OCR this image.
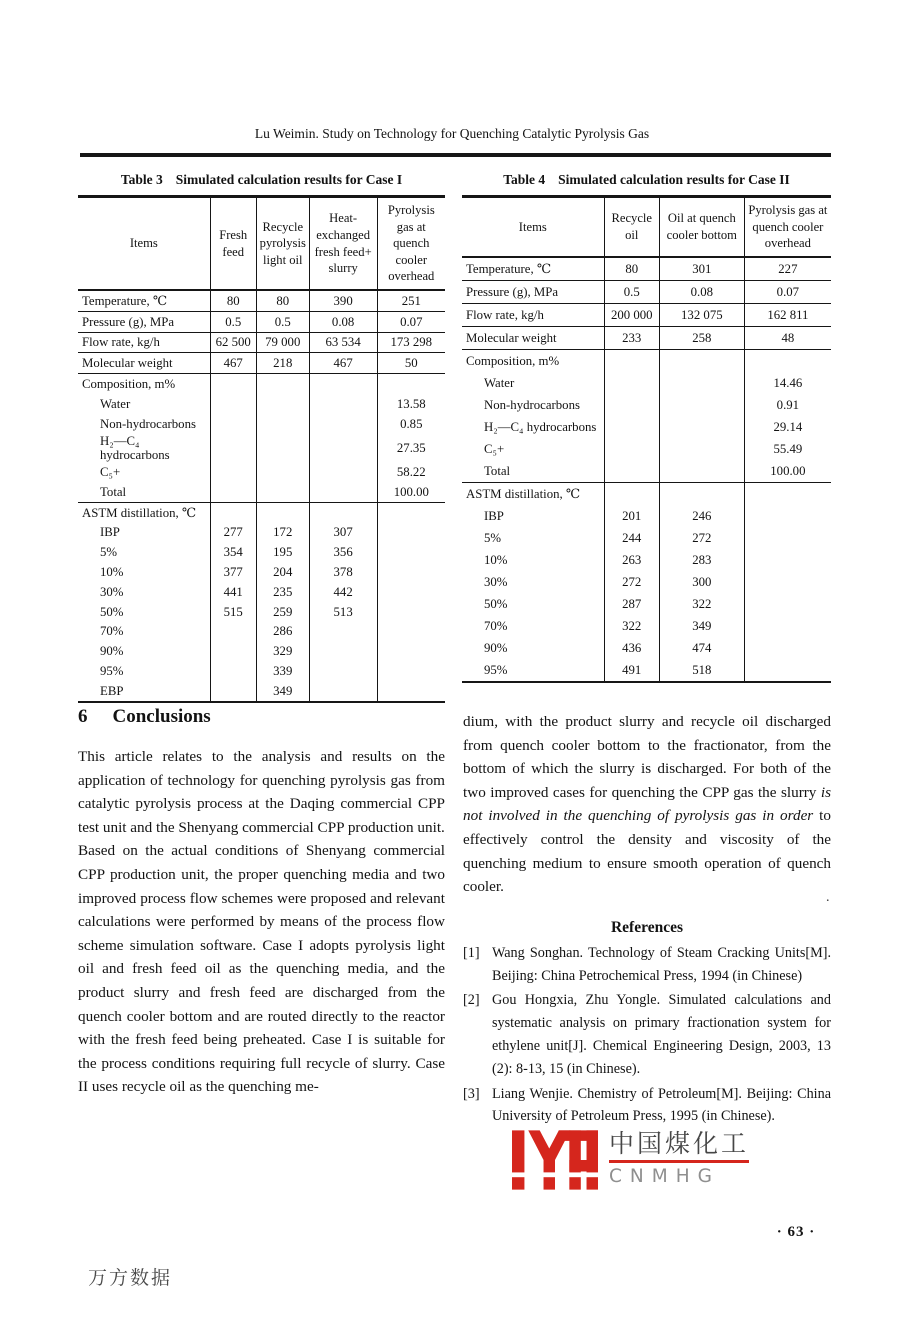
Lu Weimin. Study on Technology for Quenching Catalytic Pyrolysis Gas
Table 3 Simulated calculation results for Case I
Items	Fresh feed	Recycle pyrolysis light oil	Heat-exchanged fresh feed+ slurry	Pyrolysis gas at quench cooler overhead
Temperature, ℃	80	80	390	251
Pressure (g), MPa	0.5	0.5	0.08	0.07
Flow rate, kg/h	62 500	79 000	63 534	173 298
Molecular weight	467	218	467	50
Composition, m%				
Water				13.58
Non-hydrocarbons				0.85
H₂—C₄ hydrocarbons				27.35
C₅+				58.22
Total				100.00
ASTM distillation, ℃				
IBP	277	172	307	
5%	354	195	356	
10%	377	204	378	
30%	441	235	442	
50%	515	259	513	
70%		286		
90%		329		
95%		339		
EBP		349		
Table 4 Simulated calculation results for Case II
Items	Recycle oil	Oil at quench cooler bottom	Pyrolysis gas at quench cooler overhead
Temperature, ℃	80	301	227
Pressure (g), MPa	0.5	0.08	0.07
Flow rate, kg/h	200 000	132 075	162 811
Molecular weight	233	258	48
Composition, m%			
Water			14.46
Non-hydrocarbons			0.91
H₂—C₄ hydrocarbons			29.14
C₅+			55.49
Total			100.00
ASTM distillation, ℃			
IBP	201	246	
5%	244	272	
10%	263	283	
30%	272	300	
50%	287	322	
70%	322	349	
90%	436	474	
95%	491	518	
6 Conclusions

This article relates to the analysis and results on the application of technology for quenching pyrolysis gas from catalytic pyrolysis process at the Daqing commercial CPP test unit and the Shenyang commercial CPP production unit.

Based on the actual conditions of Shenyang commercial CPP production unit, the proper quenching media and two improved process flow schemes were proposed and relevant calculations were performed by means of the process flow scheme simulation software. Case I adopts pyrolysis light oil and fresh feed oil as the quenching media, and the product slurry and fresh feed are discharged from the quench cooler bottom and are routed directly to the reactor with the fresh feed being preheated. Case I is suitable for the process conditions requiring full recycle of slurry. Case II uses recycle oil as the quenching me-

dium, with the product slurry and recycle oil discharged from quench cooler bottom to the fractionator, from the bottom of which the slurry is discharged. For both of the two improved cases for quenching the CPP gas the slurry is not involved in the quenching of pyrolysis gas in order to effectively control the density and viscosity of the quenching medium to ensure smooth operation of quench cooler.

References
[1] Wang Songhan. Technology of Steam Cracking Units[M]. Beijing: China Petrochemical Press, 1994 (in Chinese)
[2] Gou Hongxia, Zhu Yongle. Simulated calculations and systematic analysis on primary fractionation system for ethylene unit[J]. Chemical Engineering Design, 2003, 13 (2): 8-13, 15 (in Chinese).
[3] Liang Wenjie. Chemistry of Petroleum[M]. Beijing: China University of Petroleum Press, 1995 (in Chinese).
.
中国煤化工
CNMHG
· 63 ·
万方数据
